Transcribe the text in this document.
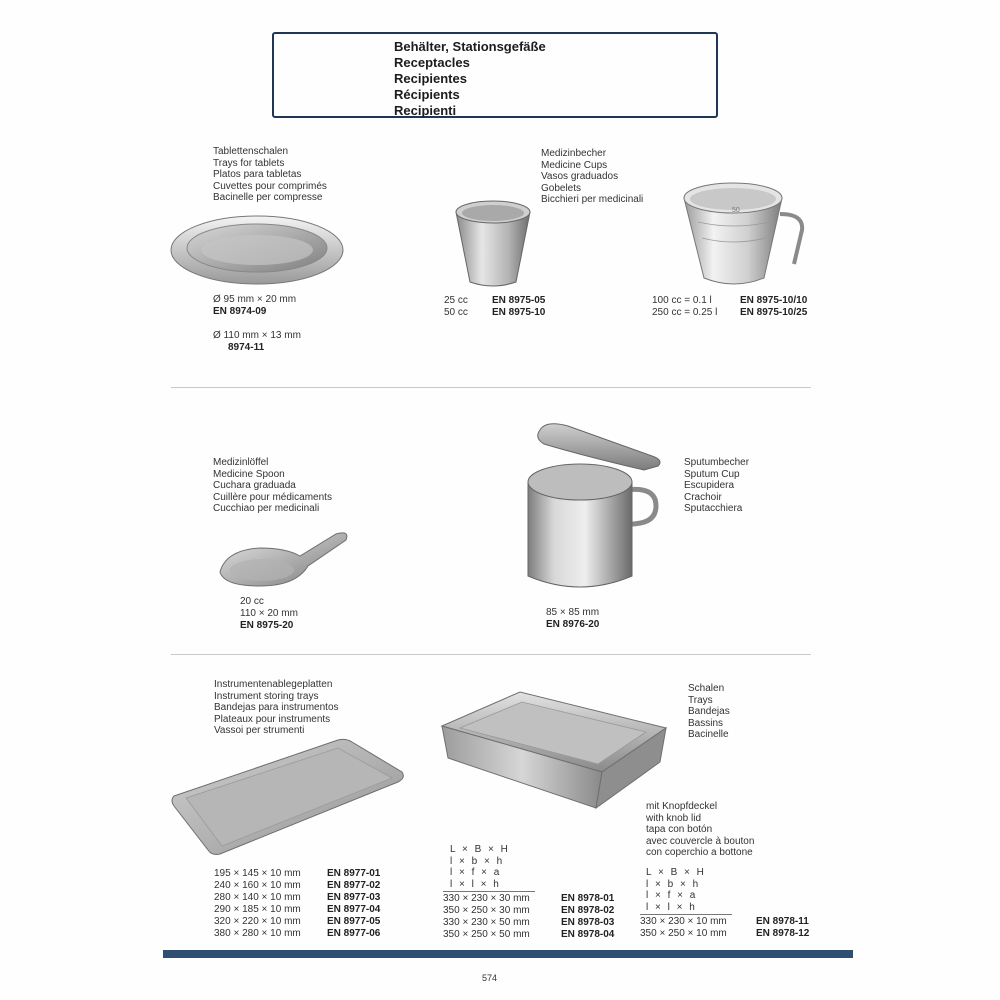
Behälter, Stationsgefäße
Receptacles
Recipientes
Récipients
Recipienti
Tablettenschalen
Trays for tablets
Platos para tabletas
Cuvettes pour comprimés
Bacinelle per compresse
Ø 95 mm × 20 mm
EN 8974-09
Ø 110 mm × 13 mm
8974-11
Medizinbecher
Medicine Cups
Vasos graduados
Gobelets
Bicchieri per medicinali
25 cc EN 8975-05
50 cc EN 8975-10
50
100 cc = 0.1 l	EN 8975-10/10
250 cc = 0.25 l EN 8975-10/25
Medizinlöffel
Medicine Spoon
Cuchara graduada
Cuillère pour médicaments
Cucchiao per medicinali
20 cc
110 × 20 mm
EN 8975-20
Sputumbecher
Sputum Cup
Escupidera
Crachoir
Sputacchiera
85 × 85 mm
EN 8976-20
Instrumentenablegeplatten
Instrument storing trays
Bandejas para instrumentos
Plateaux pour instruments
Vassoi per strumenti
195 × 145 × 10 mm	EN 8977-01
240 × 160 × 10 mm	EN 8977-02
280 × 140 × 10 mm	EN 8977-03
290 × 185 × 10 mm	EN 8977-04
320 × 220 × 10 mm	EN 8977-05
380 × 280 × 10 mm	EN 8977-06
Schalen
Trays
Bandejas
Bassins
Bacinelle
L × B × H
l × b × h
l × f × a
l × l × h
330 × 230 × 30 mm	EN 8978-01
350 × 250 × 30 mm	EN 8978-02
330 × 230 × 50 mm	EN 8978-03
350 × 250 × 50 mm	EN 8978-04
mit Knopfdeckel
with knob lid
tapa con botón
avec couvercle à bouton
con coperchio a bottone
L × B × H
l × b × h
l × f × a
l × l × h
330 × 230 × 10 mm	EN 8978-11
350 × 250 × 10 mm	EN 8978-12
574
